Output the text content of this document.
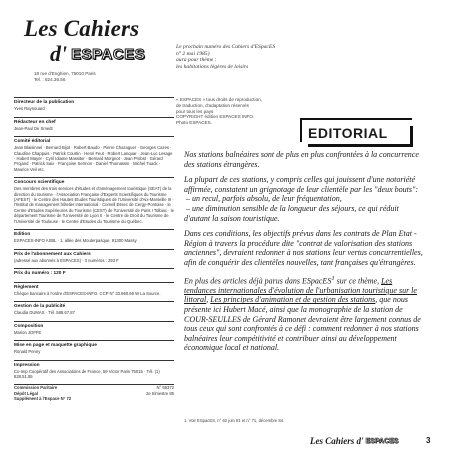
Les Cahiers
d' ESPACES
18 rue d'Enghien, 75010 Paris
Tel. : 824.36.56
Directeur de la publication
Yves Raynouard
Rédacteur en chef
Jean-Paul De Smedt
Comité éditorial
Jean Blaisinnel · Bernard Bijot · Robert Baudo · Pierre Chazaguer · Georges Cazes · Claudine Chappuis · Patrick Courtin · Henri Feut · Robert Lanquar · Jean-Luc Lesage · Hubert Mayer · Cyril Idiame Massiter · Bernard Morgnot · Jean Probst · Gérard Projand · Patrick Saix · Françoise Sermon · Daniel Thomassin · Michel Tuack · Maurice Veil etc.
Concours scientifique
Des membres des trois services d'études et d'aménagement touristique (SEAT) de la direction du tourisme · l'Association Française d'Experts Scientifiques du Tourisme (AFEST) · le Centre des Hautes Etudes Touristiques de l'Université d'Aix-Marseille III · l'Institut de management hôtelier international · Cornell Essec de Cergy-Pontoise · le Centre d'Etudes Supérieures du Tourisme (CEST) de l'Université de Paris I Tolbiac · le département Tourisme de l'Université de Lyon II · le Centre de Droit du Tourisme de l'Université de Toulouse · le Centre d'Etudes du Tourisme du Québec.
Edition
ESPACES-INFO ASBL · 1, allée des Mouterpasque, 91300 Massy
Prix de l'abonnement aux Cahiers
(adressé aux abonnés à ESPACES) · 3 numéros : 293 F
Prix du numéro : 120 F
Règlement
Chèque bancaire à l'ordre d'ESPACES-INFO. CCP N° 33.960.66 W La Source.
Gestion de la publicité
Claudia DUMAS · Tél. 588.67.87
Composition
Marion JOFFE
Mise en page et maquette graphique
Ronald Penny
Impression
Co-Imp Coopératif des Associations de France, 59 Victor Paris 75015 · Tél. (1) 828.51.55
Commission Paritaire	N° 59372
Dépôt Légal	2e trimestre 85
Supplément à l'Espace N° 72
Le prochain numéro des Cahiers d'ESpacES
n° 2 mai 1985)
aura pour thème :
les habitations légères de loisirs
« ESPACES » tous droits de reproduction,
de traduction, d'adaptation réservés
pour tous les pays
COPYRIGHT édition ESPACES INFO.
Photo ESPACES.
EDITORIAL

Nos stations balnéaires sont de plus en plus confrontées à la concurrence des stations étrangères.

La plupart de ces stations, y compris celles qui jouissent d'une notoriété affirmée, constatent un grignotage de leur clientèle par les "deux bouts":
– un recul, parfois absolu, de leur fréquentation,
– une diminution sensible de la longueur des séjours, ce qui réduit d'autant la saison touristique.

Dans ces conditions, les objectifs prévus dans les contrats de Plan Etat - Région à travers la procédure dite "contrat de valorisation des stations anciennes", devraient redonner à nos stations leur vertus concurrentielles, afin de conquérir des clientèles nouvelles, tant françaises qu'étrangères.

En plus des articles déjà parus dans ESpacES$^1$ sur ce thème, Les tendances internationales d'évolution de l'urbanisation touristique sur le littoral, Les principes d'animation et de gestion des stations, que nous présente ici Hubert Macé, ainsi que la monographie de la station de COUR-SEULLES de Gérard Ramonet devraient être largement connus de tous ceux qui sont confrontés à ce défi : comment redonner à nos stations balnéaires leur compétitivité et contribuer ainsi au développement économique local et national.

1. Voir ESpacES, n° 62 juin 81 et n° 71, décembre 84.
Les Cahiers d' ESPACES	3
